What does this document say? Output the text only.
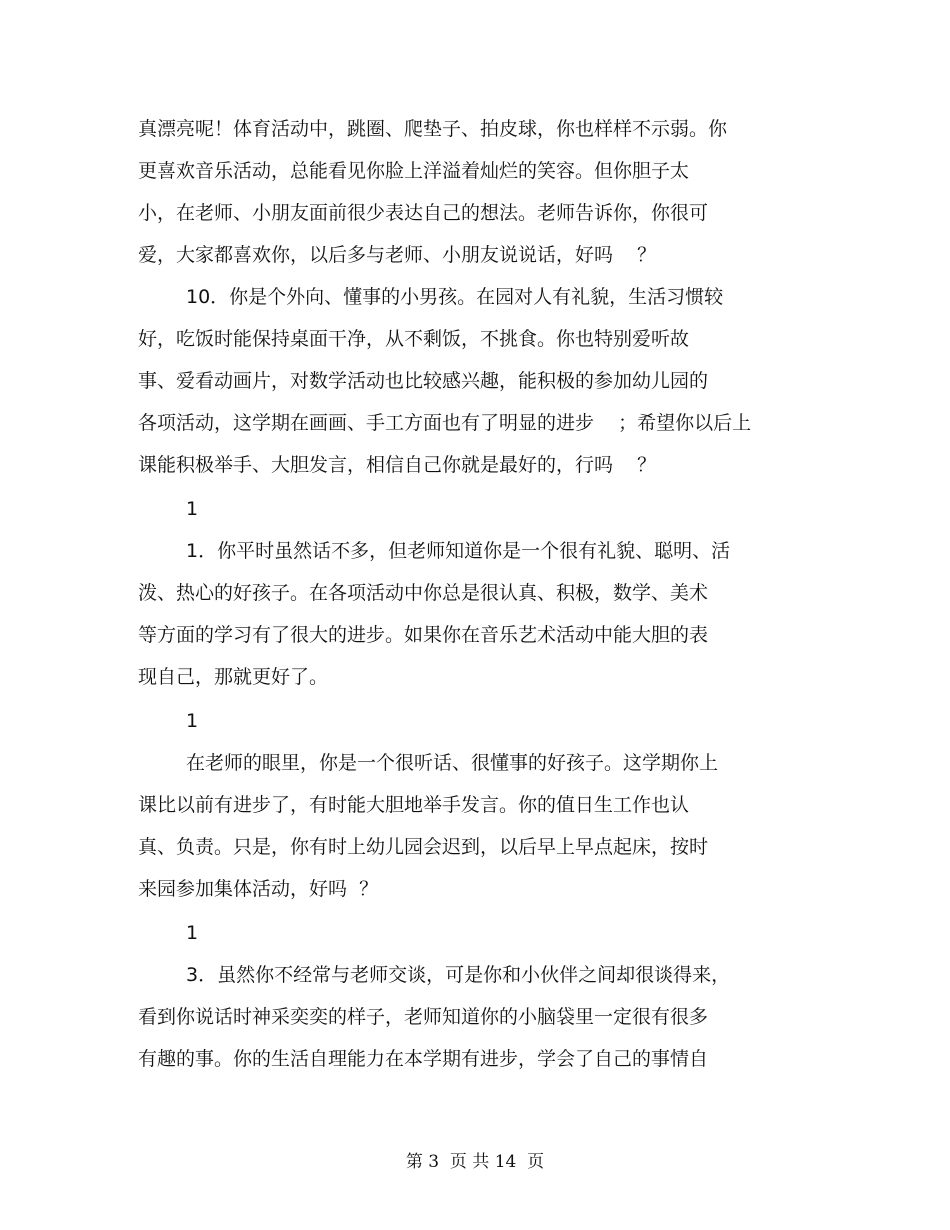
真漂亮呢！体育活动中，跳圈、爬垫子、拍皮球，你也样样不示弱。你
更喜欢音乐活动，总能看见你脸上洋溢着灿烂的笑容。但你胆子太
小，在老师、小朋友面前很少表达自己的想法。老师告诉你，你很可
爱，大家都喜欢你，以后多与老师、小朋友说说话，好吗    ？
10．你是个外向、懂事的小男孩。在园对人有礼貌，生活习惯较
好，吃饭时能保持桌面干净，从不剩饭，不挑食。你也特别爱听故
事、爱看动画片，对数学活动也比较感兴趣，能积极的参加幼儿园的
各项活动，这学期在画画、手工方面也有了明显的进步    ；希望你以后上
课能积极举手、大胆发言，相信自己你就是最好的，行吗    ？
1
1．你平时虽然话不多，但老师知道你是一个很有礼貌、聪明、活
泼、热心的好孩子。在各项活动中你总是很认真、积极，数学、美术
等方面的学习有了很大的进步。如果你在音乐艺术活动中能大胆的表
现自己，那就更好了。
1
在老师的眼里，你是一个很听话、很懂事的好孩子。这学期你上
课比以前有进步了，有时能大胆地举手发言。你的值日生工作也认
真、负责。只是，你有时上幼儿园会迟到，以后早上早点起床，按时
来园参加集体活动，好吗  ？
1
3．虽然你不经常与老师交谈，可是你和小伙伴之间却很谈得来，
看到你说话时神采奕奕的样子，老师知道你的小脑袋里一定很有很多
有趣的事。你的生活自理能力在本学期有进步，学会了自己的事情自
第 3  页 共 14  页
